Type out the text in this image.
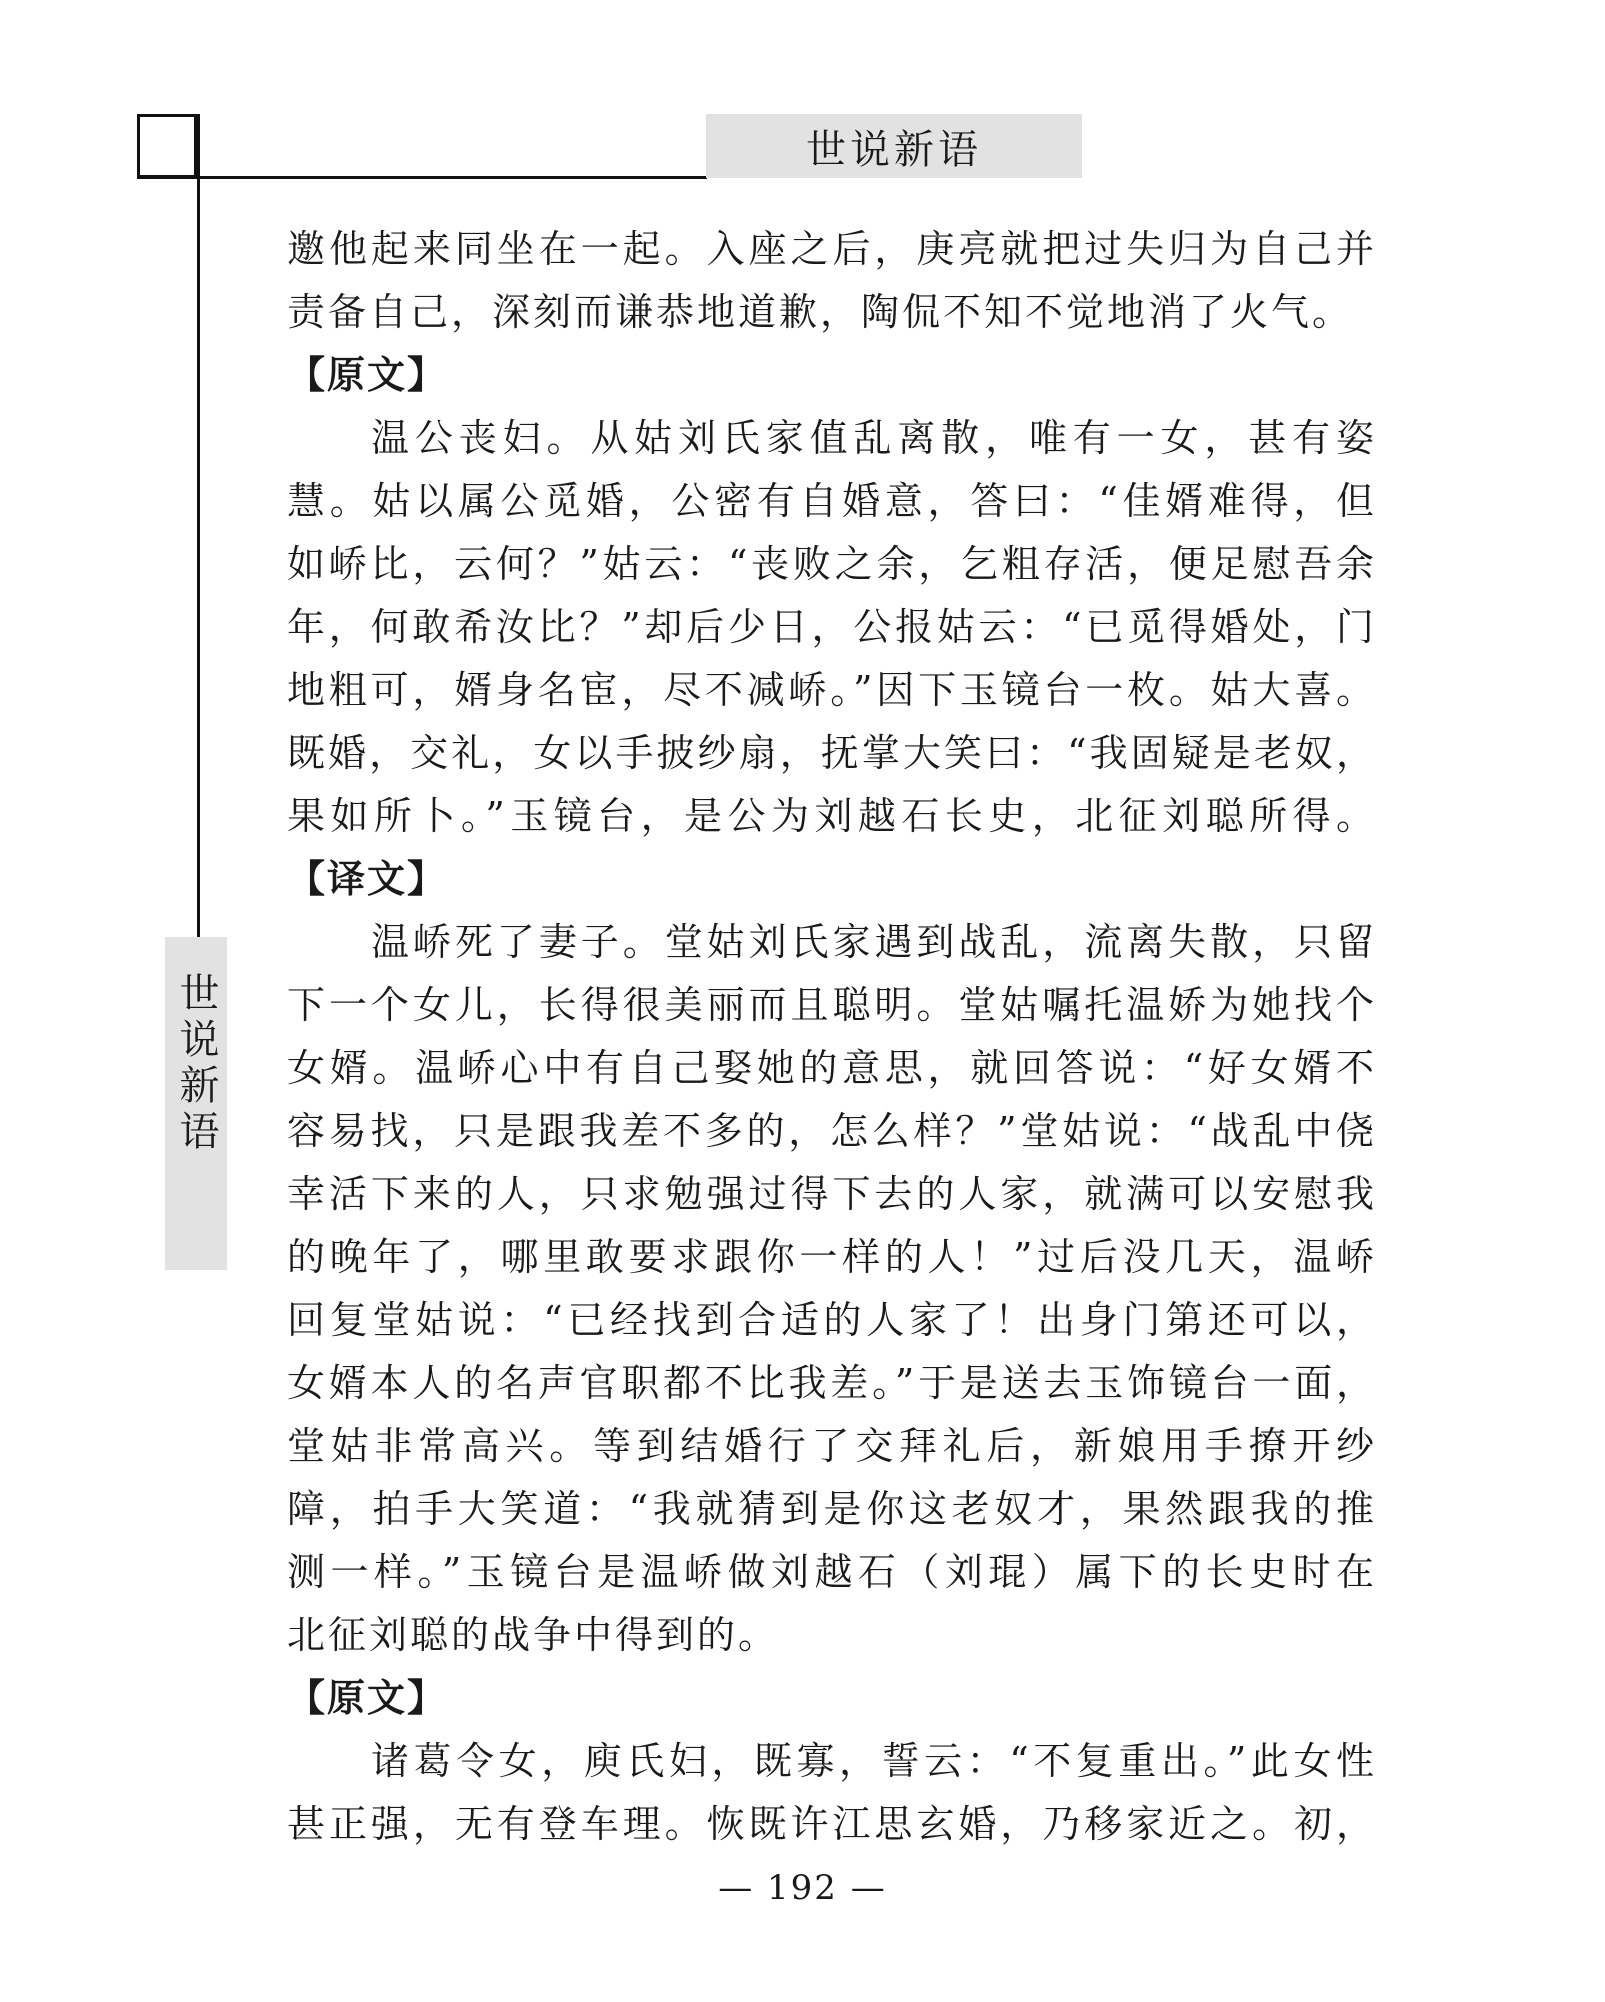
世说新语
世说新语

邀他起来同坐在一起。入座之后，庚亮就把过失归为自己并

责备自己，深刻而谦恭地道歉，陶侃不知不觉地消了火气。

【原文】

温公丧妇。从姑刘氏家值乱离散，唯有一女，甚有姿

慧。姑以属公觅婚，公密有自婚意，答曰：“佳婿难得，但

如峤比，云何？”姑云：“丧败之余，乞粗存活，便足慰吾余

年，何敢希汝比？”却后少日，公报姑云：“已觅得婚处，门

地粗可，婿身名宦，尽不减峤。”因下玉镜台一枚。姑大喜。

既婚，交礼，女以手披纱扇，抚掌大笑曰：“我固疑是老奴，

果如所卜。”玉镜台，是公为刘越石长史，北征刘聪所得。

【译文】

温峤死了妻子。堂姑刘氏家遇到战乱，流离失散，只留

下一个女儿，长得很美丽而且聪明。堂姑嘱托温娇为她找个

女婿。温峤心中有自己娶她的意思，就回答说：“好女婿不

容易找，只是跟我差不多的，怎么样？”堂姑说：“战乱中侥

幸活下来的人，只求勉强过得下去的人家，就满可以安慰我

的晚年了，哪里敢要求跟你一样的人！”过后没几天，温峤

回复堂姑说：“已经找到合适的人家了！出身门第还可以，

女婿本人的名声官职都不比我差。”于是送去玉饰镜台一面，

堂姑非常高兴。等到结婚行了交拜礼后，新娘用手撩开纱

障，拍手大笑道：“我就猜到是你这老奴才，果然跟我的推

测一样。”玉镜台是温峤做刘越石（刘琨）属下的长史时在

北征刘聪的战争中得到的。

【原文】

诸葛令女，庾氏妇，既寡，誓云：“不复重出。”此女性

甚正强，无有登车理。恢既许江思玄婚，乃移家近之。初，

— 192 —
